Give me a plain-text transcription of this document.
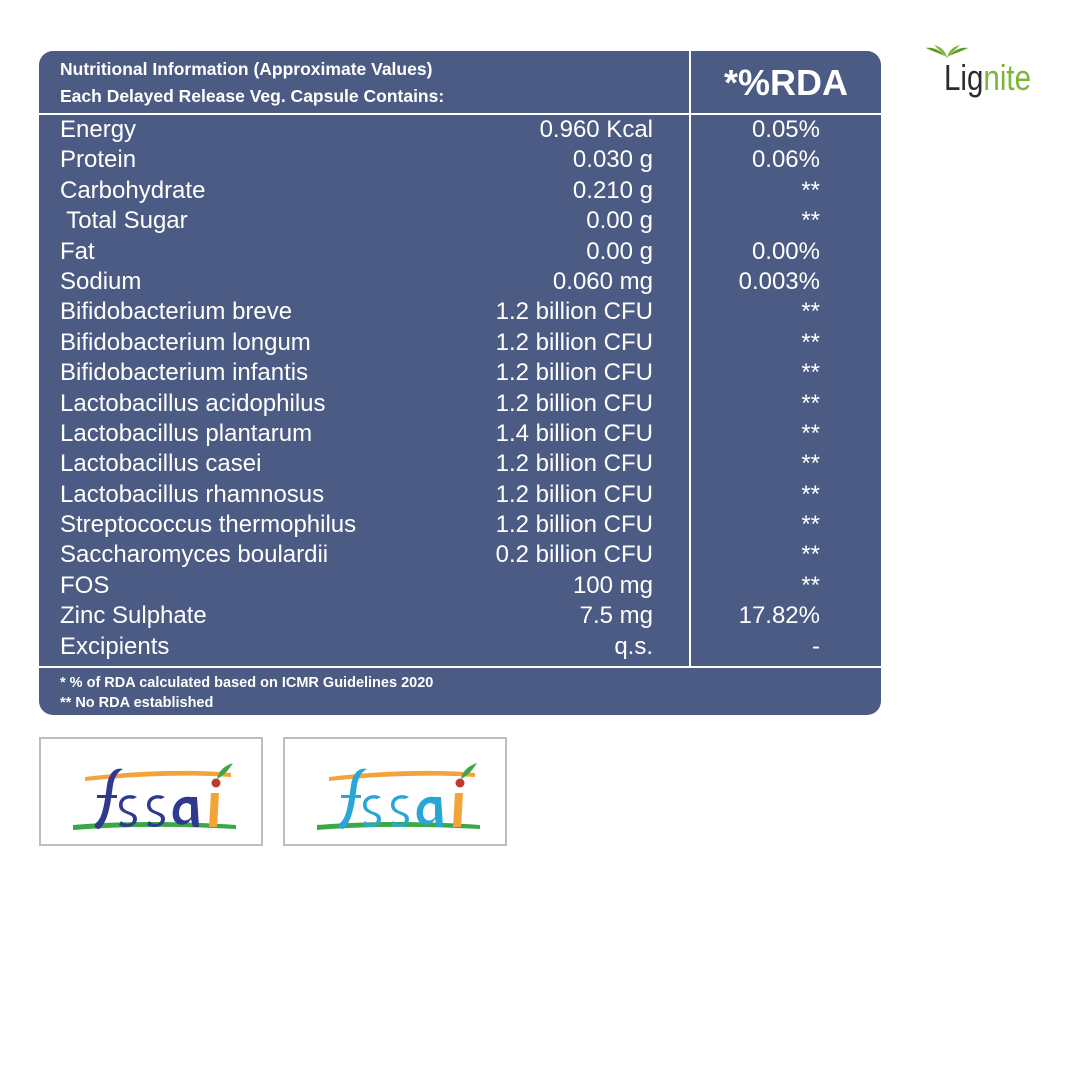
Nutritional Information (Approximate Values)
Each Delayed Release Veg. Capsule Contains:	*%RDA
Energy	0.960 Kcal	0.05%
Protein	0.030 g	0.06%
Carbohydrate	0.210 g	**
Total Sugar	0.00 g	**
Fat	0.00 g	0.00%
Sodium	0.060 mg	0.003%
Bifidobacterium breve	1.2 billion CFU	**
Bifidobacterium longum	1.2 billion CFU	**
Bifidobacterium infantis	1.2 billion CFU	**
Lactobacillus acidophilus	1.2 billion CFU	**
Lactobacillus plantarum	1.4 billion CFU	**
Lactobacillus casei	1.2 billion CFU	**
Lactobacillus rhamnosus	1.2 billion CFU	**
Streptococcus thermophilus	1.2 billion CFU	**
Saccharomyces boulardii	0.2 billion CFU	**
FOS	100 mg	**
Zinc Sulphate	7.5 mg	17.82%
Excipients	q.s.	-
* % of RDA calculated based on ICMR Guidelines 2020
** No RDA established
Lignite
